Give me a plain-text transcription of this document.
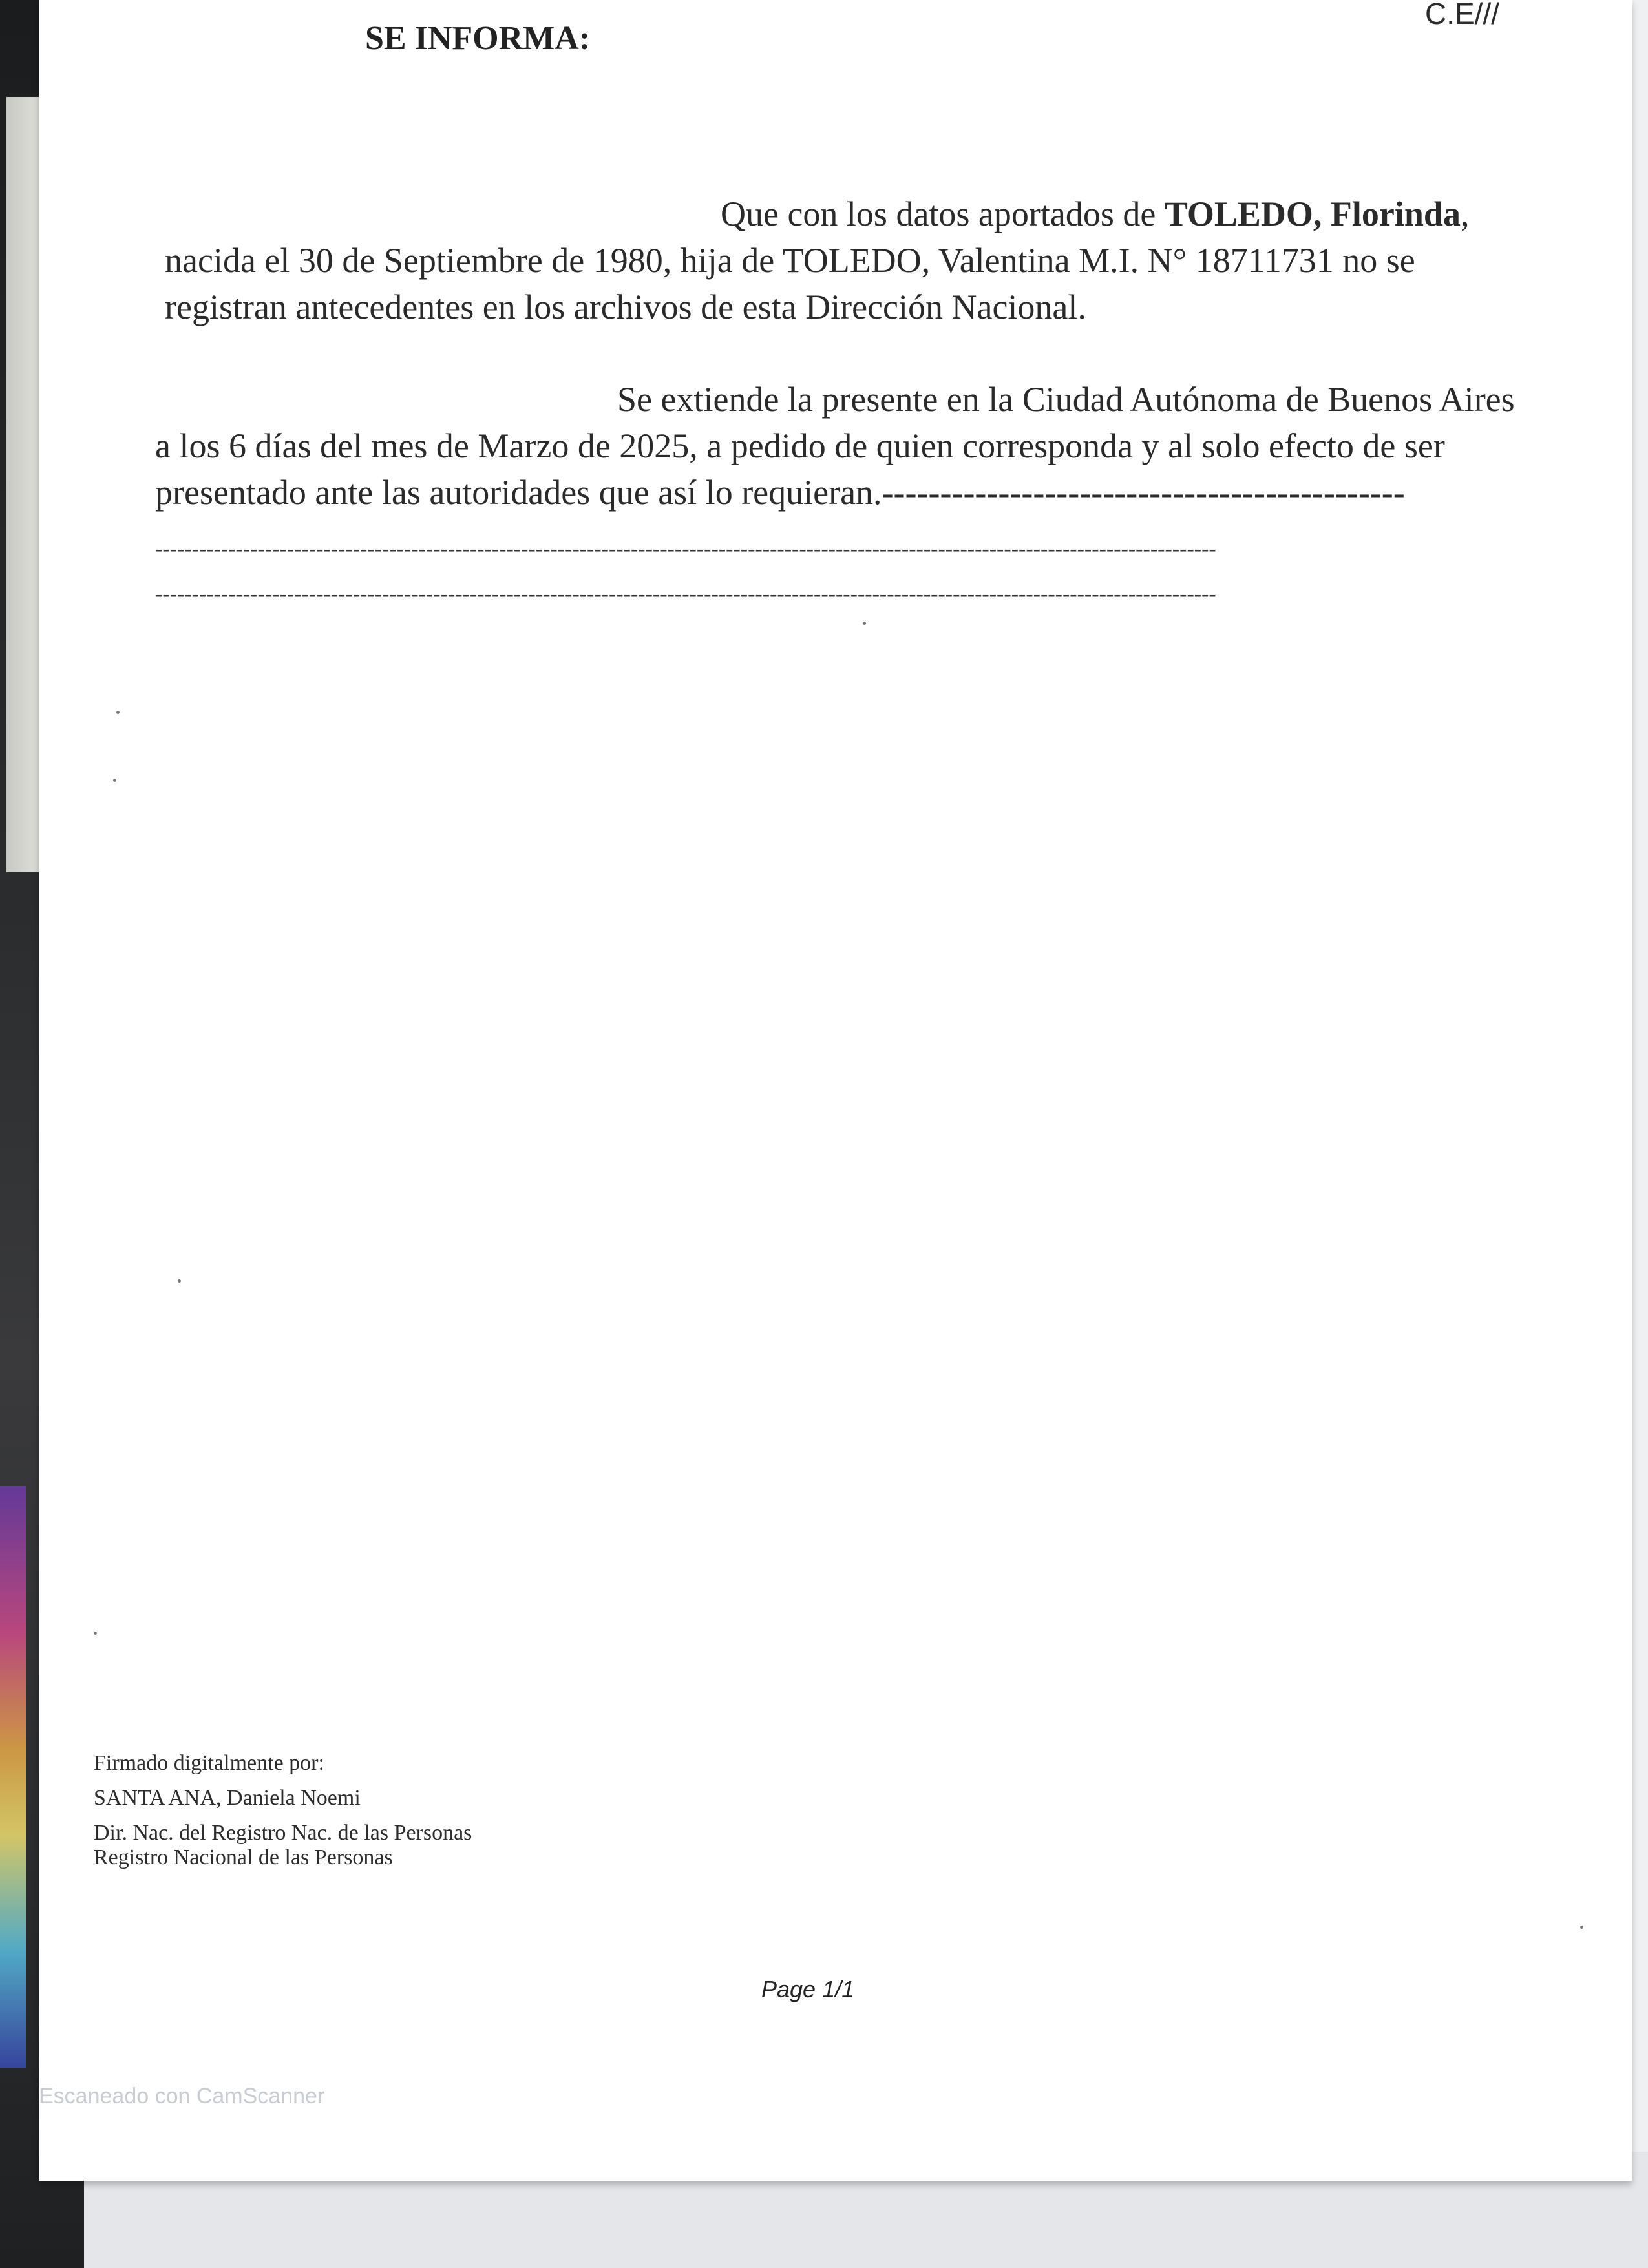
C.E///
SE INFORMA:
Que con los datos aportados de TOLEDO, Florinda,
nacida el 30 de Septiembre de 1980, hija de TOLEDO, Valentina M.I. N° 18711731 no se
registran antecedentes en los archivos de esta Dirección Nacional.
Se extiende la presente en la Ciudad Autónoma de Buenos Aires
a los 6 días del mes de Marzo de 2025, a pedido de quien corresponda y al solo efecto de ser
presentado ante las autoridades que así lo requieran.---------------------------------------------
-------------------------------------------------------------------------------------------------------------------------------------------------
-------------------------------------------------------------------------------------------------------------------------------------------------
Firmado digitalmente por:
SANTA ANA, Daniela Noemi
Dir. Nac. del Registro Nac. de las Personas
Registro Nacional de las Personas
Page 1/1
Escaneado con CamScanner
